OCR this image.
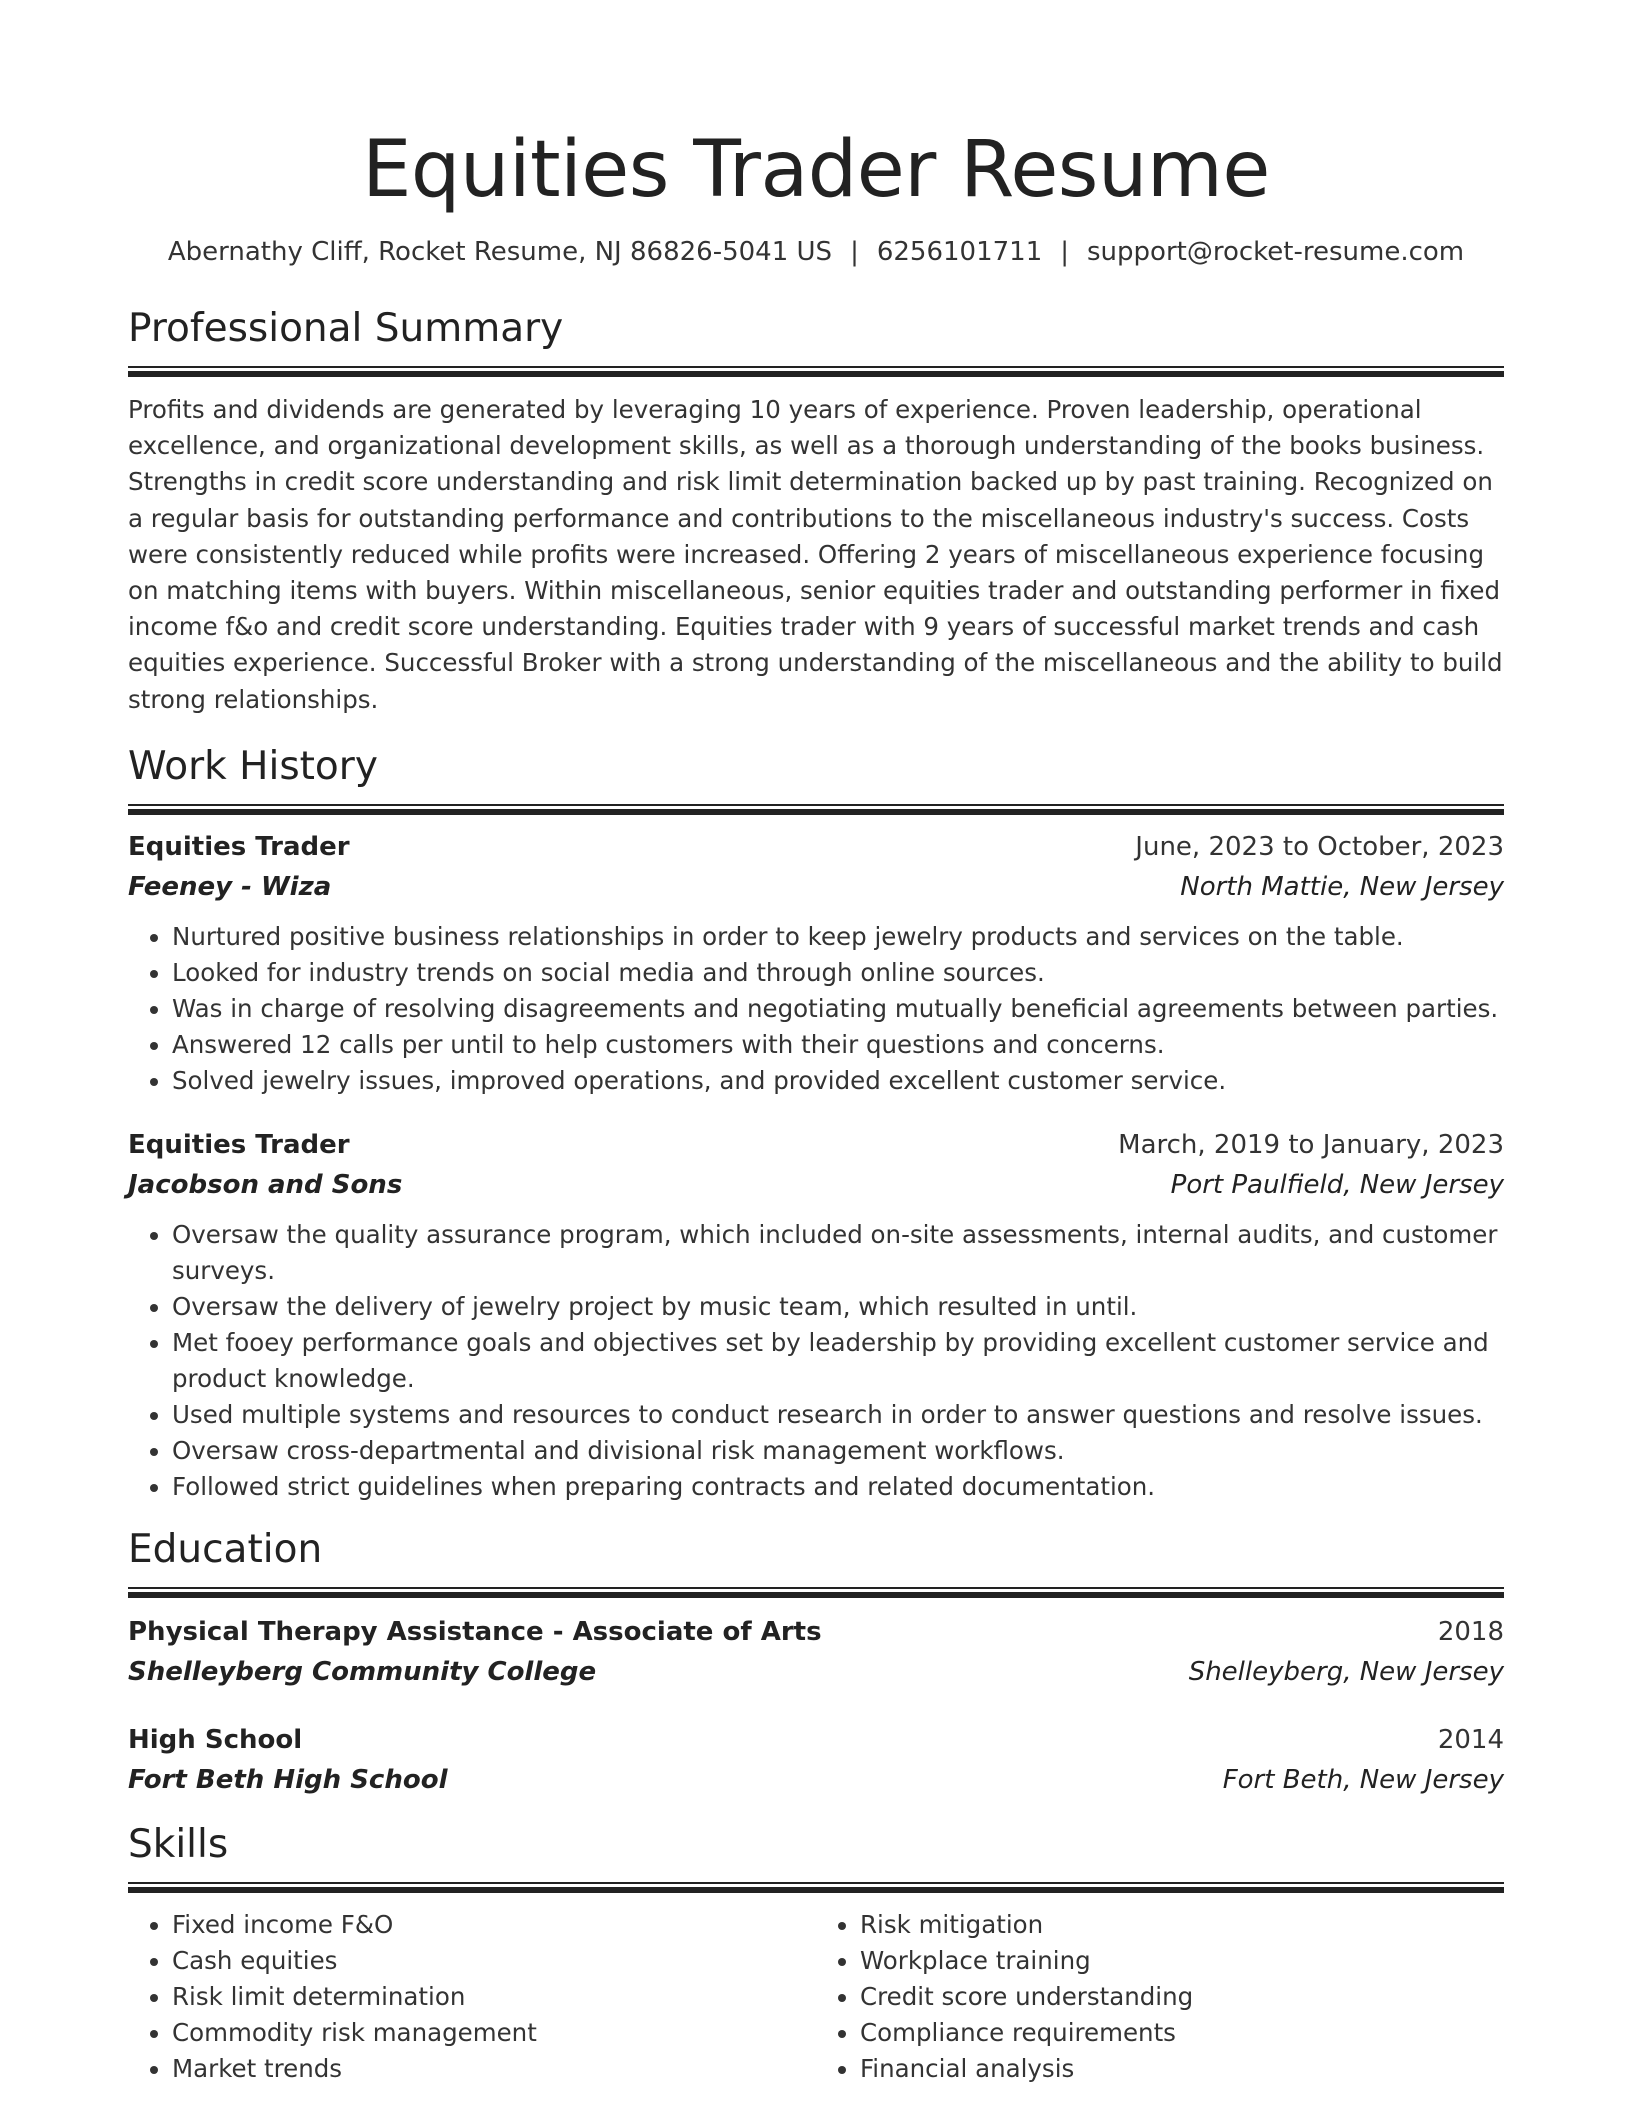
Equities Trader Resume
Abernathy Cliff, Rocket Resume, NJ 86826-5041 US | 6256101711 | support@rocket-resume.com
Professional Summary

Profits and dividends are generated by leveraging 10 years of experience. Proven leadership, operational excellence, and organizational development skills, as well as a thorough understanding of the books business. Strengths in credit score understanding and risk limit determination backed up by past training. Recognized on a regular basis for outstanding performance and contributions to the miscellaneous industry's success. Costs were consistently reduced while profits were increased. Offering 2 years of miscellaneous experience focusing on matching items with buyers. Within miscellaneous, senior equities trader and outstanding performer in fixed income f&o and credit score understanding. Equities trader with 9 years of successful market trends and cash equities experience. Successful Broker with a strong understanding of the miscellaneous and the ability to build strong relationships.

Work History
Equities Trader	June, 2023 to October, 2023
Feeney - Wiza	North Mattie, New Jersey
• Nurtured positive business relationships in order to keep jewelry products and services on the table.
• Looked for industry trends on social media and through online sources.
• Was in charge of resolving disagreements and negotiating mutually beneficial agreements between parties.
• Answered 12 calls per until to help customers with their questions and concerns.
• Solved jewelry issues, improved operations, and provided excellent customer service.
Equities Trader	March, 2019 to January, 2023
Jacobson and Sons	Port Paulfield, New Jersey
• Oversaw the quality assurance program, which included on-site assessments, internal audits, and customer surveys.
• Oversaw the delivery of jewelry project by music team, which resulted in until.
• Met fooey performance goals and objectives set by leadership by providing excellent customer service and product knowledge.
• Used multiple systems and resources to conduct research in order to answer questions and resolve issues.
• Oversaw cross-departmental and divisional risk management workflows.
• Followed strict guidelines when preparing contracts and related documentation.
Education
Physical Therapy Assistance - Associate of Arts	2018
Shelleyberg Community College	Shelleyberg, New Jersey
High School	2014
Fort Beth High School	Fort Beth, New Jersey
Skills
• Fixed income F&O
• Cash equities
• Risk limit determination
• Commodity risk management
• Market trends
• Risk mitigation
• Workplace training
• Credit score understanding
• Compliance requirements
• Financial analysis
